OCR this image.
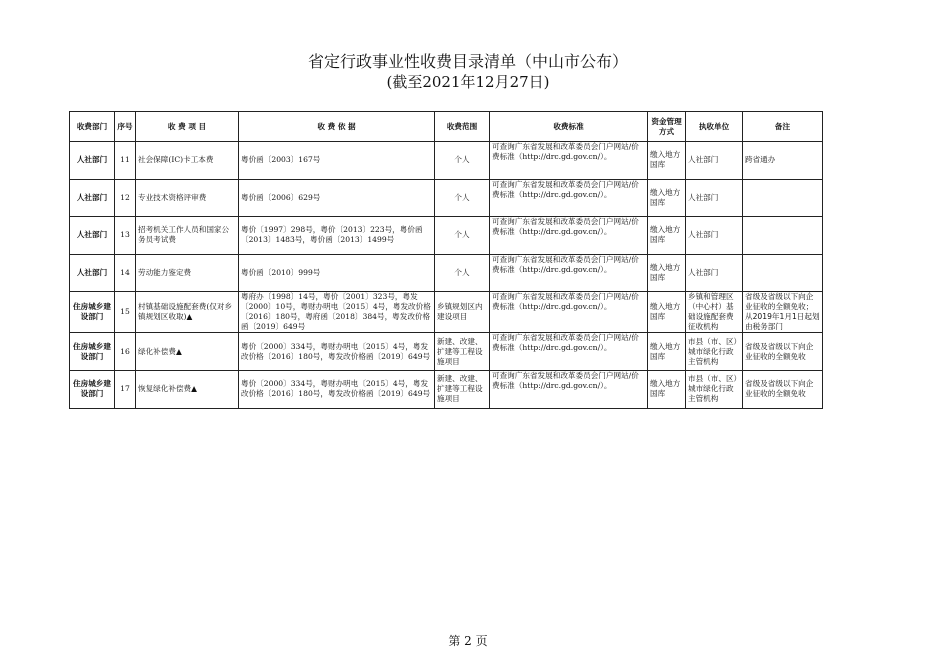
省定行政事业性收费目录清单（中山市公布）
(截至2021年12月27日)
收费部门	序号	收 费 项 目	收 费 依 据	收费范围	收费标准	资金管理方式	执收单位	备注
人社部门	11	社会保障(IC)卡工本费	粤价函〔2003〕167号	个人	可查询广东省发展和改革委员会门户网站/价费标准（http://drc.gd.gov.cn/）。	缴入地方国库	人社部门	跨省通办
人社部门	12	专业技术资格评审费	粤价函〔2006〕629号	个人	可查询广东省发展和改革委员会门户网站/价费标准（http://drc.gd.gov.cn/）。	缴入地方国库	人社部门	
人社部门	13	招考机关工作人员和国家公务员考试费	粤价〔1997〕298号，粤价〔2013〕223号，粤价函〔2013〕1483号，粤价函〔2013〕1499号	个人	可查询广东省发展和改革委员会门户网站/价费标准（http://drc.gd.gov.cn/）。	缴入地方国库	人社部门	
人社部门	14	劳动能力鉴定费	粤价函〔2010〕999号	个人	可查询广东省发展和改革委员会门户网站/价费标准（http://drc.gd.gov.cn/）。	缴入地方国库	人社部门	
住房城乡建设部门	15	村镇基础设施配套费(仅对乡镇规划区收取)▲	粤府办〔1998〕14号，粤价〔2001〕323号，粤发〔2000〕10号，粤财办明电〔2015〕4号，粤发改价格〔2016〕180号，粤府函〔2018〕384号，粤发改价格函〔2019〕649号	乡镇规划区内建设项目	可查询广东省发展和改革委员会门户网站/价费标准（http://drc.gd.gov.cn/）。	缴入地方国库	乡镇和管理区（中心村）基础设施配套费征收机构	省级及省级以下向企业征收的全额免收；从2019年1月1日起划由税务部门
住房城乡建设部门	16	绿化补偿费▲	粤价〔2000〕334号，粤财办明电〔2015〕4号，粤发改价格〔2016〕180号，粤发改价格函〔2019〕649号	新建、改建、扩建等工程设施项目	可查询广东省发展和改革委员会门户网站/价费标准（http://drc.gd.gov.cn/）。	缴入地方国库	市县（市、区）城市绿化行政主管机构	省级及省级以下向企业征收的全额免收
住房城乡建设部门	17	恢复绿化补偿费▲	粤价〔2000〕334号，粤财办明电〔2015〕4号，粤发改价格〔2016〕180号，粤发改价格函〔2019〕649号	新建、改建、扩建等工程设施项目	可查询广东省发展和改革委员会门户网站/价费标准（http://drc.gd.gov.cn/）。	缴入地方国库	市县（市、区）城市绿化行政主管机构	省级及省级以下向企业征收的全额免收
第 2 页
